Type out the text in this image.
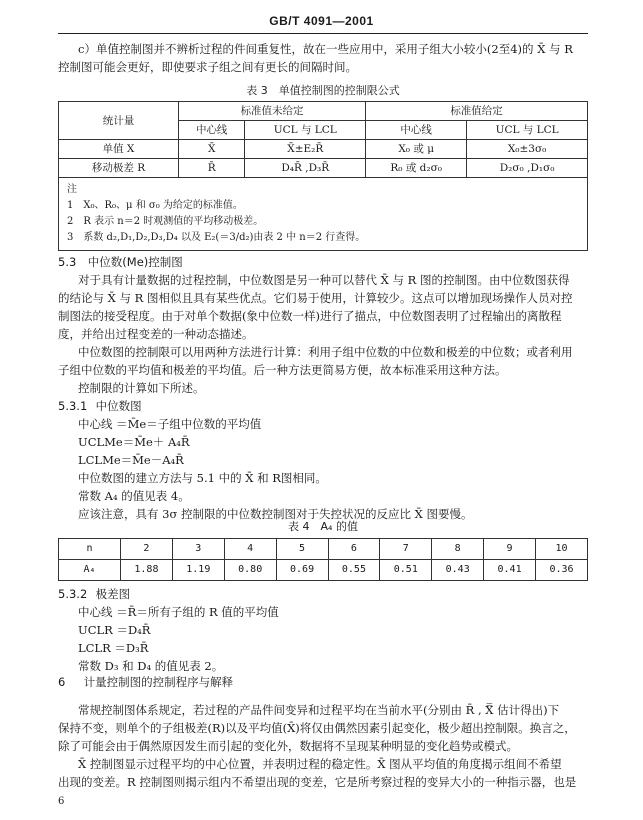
GB/T 4091—2001

c）单值控制图并不辨析过程的件间重复性，故在一些应用中，采用子组大小较小(2至4)的 X̄ 与 R

控制图可能会更好，即使要求子组之间有更长的间隔时间。

表 3　单值控制图的控制限公式

统计量	标准值未给定		标准值给定	
	中心线	UCL 与 LCL	中心线	UCL 与 LCL
单值 X	X̄	X̄±E₂R̄	X₀ 或 μ	X₀±3σ₀
移动极差 R	R̄	D₄R̄ ,D₃R̄	R₀ 或 d₂σ₀	D₂σ₀ ,D₁σ₀

注
1　X₀、R₀、μ 和 σ₀ 为给定的标准值。
2　R 表示 n＝2 时观测值的平均移动极差。
3　系数 d₂,D₁,D₂,D₃,D₄ 以及 E₂(＝3/d₂)由表 2 中 n＝2 行查得。				

5.3　中位数(Me)控制图

对于具有计量数据的过程控制，中位数图是另一种可以替代 X̄ 与 R 图的控制图。由中位数图获得

的结论与 X̄ 与 R 图相似且具有某些优点。它们易于使用，计算较少。这点可以增加现场操作人员对控

制图法的接受程度。由于对单个数据(象中位数一样)进行了描点，中位数图表明了过程输出的离散程

度，并给出过程变差的一种动态描述。

中位数图的控制限可以用两种方法进行计算：利用子组中位数的中位数和极差的中位数；或者利用

子组中位数的平均值和极差的平均值。后一种方法更简易方便，故本标准采用这种方法。

控制限的计算如下所述。

5.3.1 中位数图

中心线 ＝M̄e＝子组中位数的平均值

UCLMe＝M̄e＋ A₄R̄

LCLMe＝M̄e－A₄R̄

中位数图的建立方法与 5.1 中的 X̄ 和 R图相同。

常数 A₄ 的值见表 4。

应该注意，具有 3σ 控制限的中位数控制图对于失控状况的反应比 X̄ 图要慢。

表 4　A₄ 的值

n	2	3	4	5	6	7	8	9	10
A₄	1.88	1.19	0.80	0.69	0.55	0.51	0.43	0.41	0.36

5.3.2 极差图

中心线 ＝R̄＝所有子组的 R 值的平均值

UCLR ＝D₄R̄

LCLR ＝D₃R̄

常数 D₃ 和 D₄ 的值见表 2。

6 计量控制图的控制程序与解释

常规控制图体系规定，若过程的产品件间变异和过程平均在当前水平(分别由 R̄ , X̿ 估计得出)下

保持不变，则单个的子组极差(R)以及平均值(X̄)将仅由偶然因素引起变化，极少超出控制限。换言之，

除了可能会由于偶然原因发生而引起的变化外，数据将不呈现某种明显的变化趋势或模式。

X̄ 控制图显示过程平均的中心位置，并表明过程的稳定性。X̄ 图从平均值的角度揭示组间不希望

出现的变差。R 控制图则揭示组内不希望出现的变差，它是所考察过程的变异大小的一种指示器，也是

6
